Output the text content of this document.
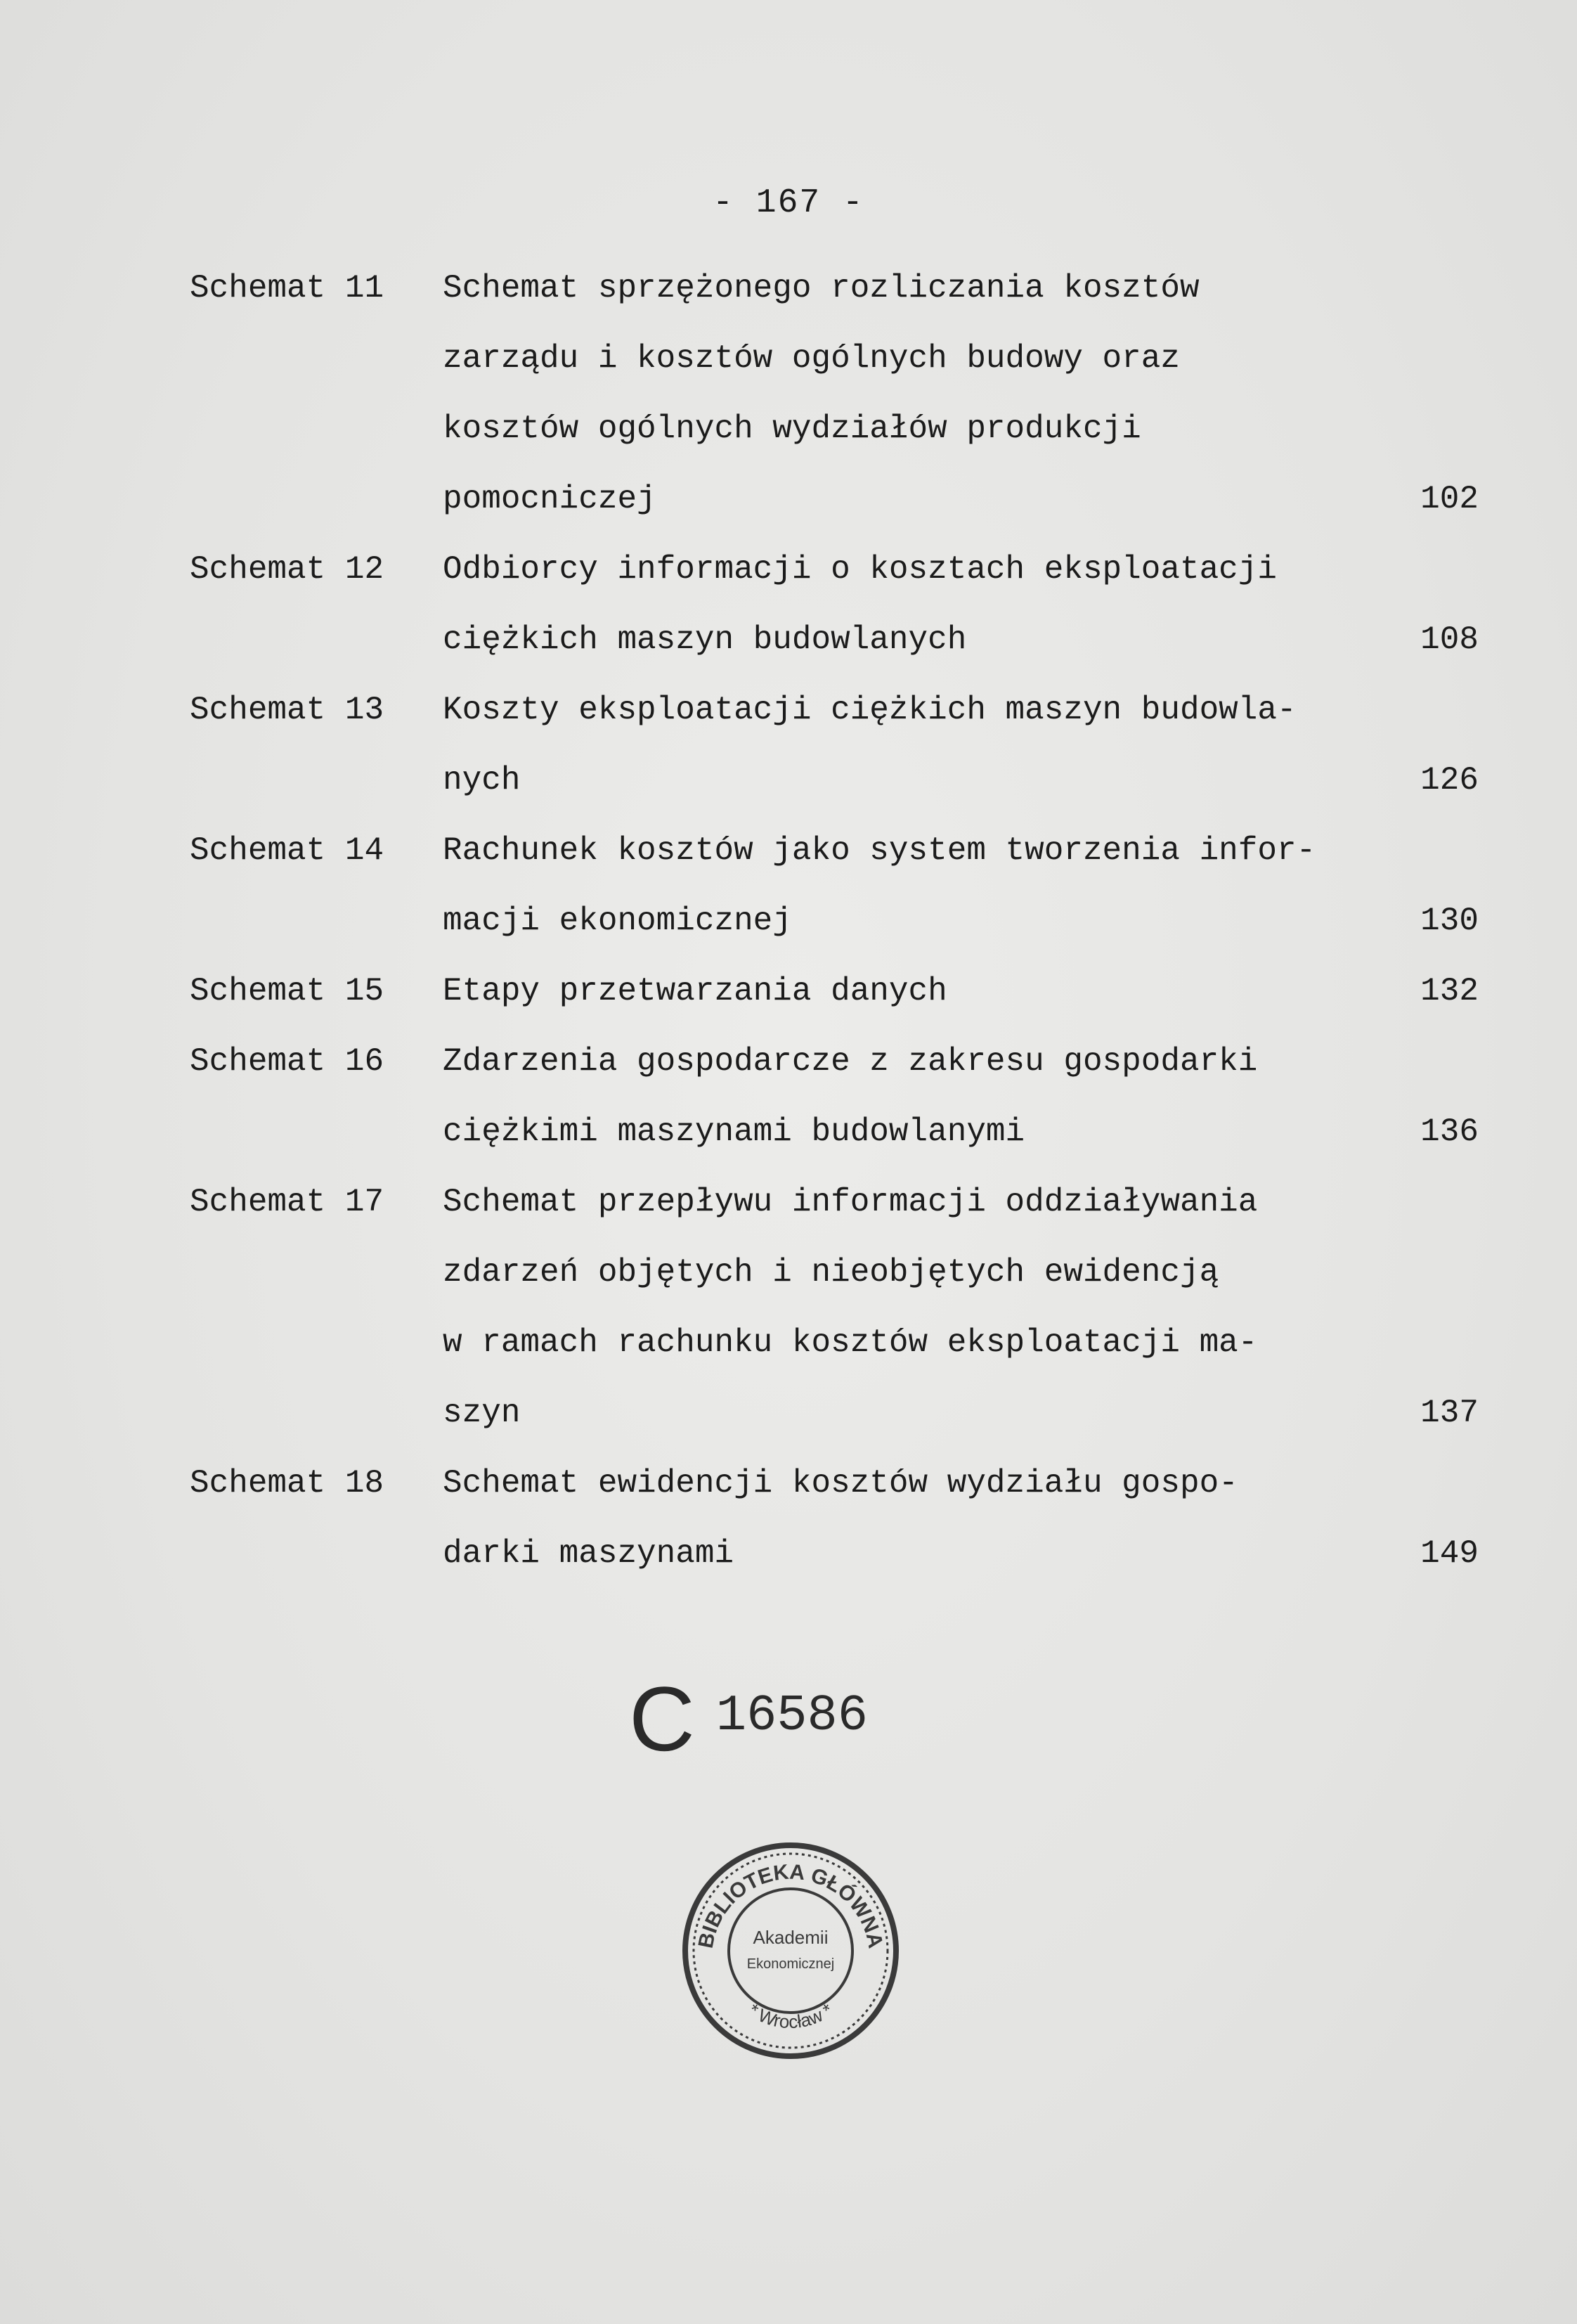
- 167 -
Schemat 11 Schemat sprzężonego rozliczania kosztów
zarządu i kosztów ogólnych budowy oraz
kosztów ogólnych wydziałów produkcji
pomocniczej	102
Schemat 12 Odbiorcy informacji o kosztach eksploatacji
ciężkich maszyn budowlanych	108
Schemat 13 Koszty eksploatacji ciężkich maszyn budowla-
nych	126
Schemat 14 Rachunek kosztów jako system tworzenia infor-
macji ekonomicznej	130
Schemat 15 Etapy przetwarzania danych	132
Schemat 16 Zdarzenia gospodarcze z zakresu gospodarki
ciężkimi maszynami budowlanymi	136
Schemat 17 Schemat przepływu informacji oddziaływania
zdarzeń objętych i nieobjętych ewidencją
w ramach rachunku kosztów eksploatacji ma-
szyn	137
Schemat 18 Schemat ewidencji kosztów wydziału gospo-
darki maszynami	149
C 16586
BIBLIOTEKA GŁÓWNA
Akademii
Ekonomicznej
* Wrocław *
